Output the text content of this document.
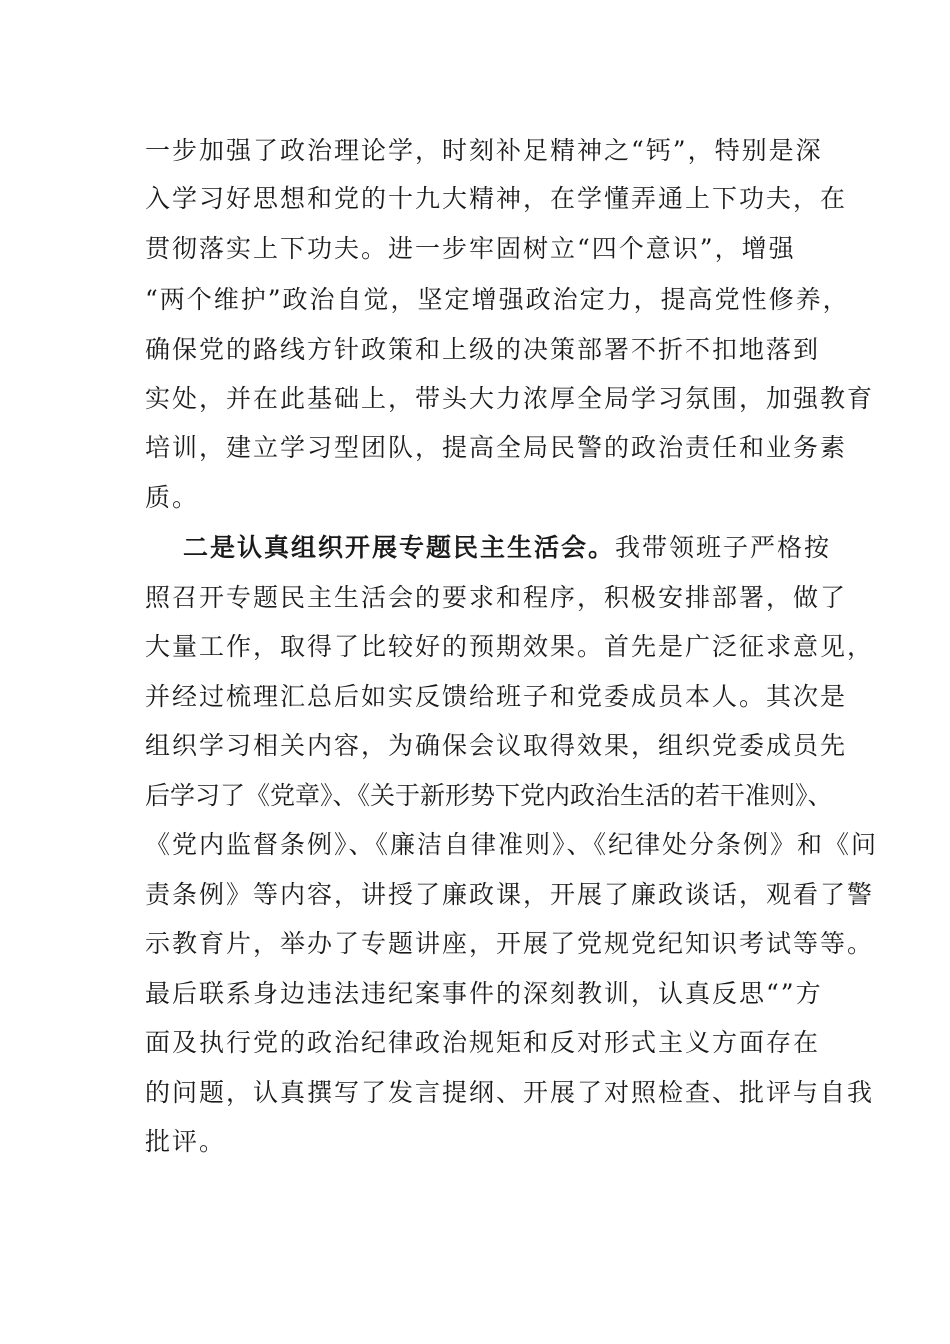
一步加强了政治理论学，时刻补足精神之“钙”，特别是深
入学习好思想和党的十九大精神，在学懂弄通上下功夫，在
贯彻落实上下功夫。进一步牢固树立“四个意识”，增强
“两个维护”政治自觉，坚定增强政治定力，提高党性修养，
确保党的路线方针政策和上级的决策部署不折不扣地落到
实处，并在此基础上，带头大力浓厚全局学习氛围，加强教育
培训，建立学习型团队，提高全局民警的政治责任和业务素
质。
二是认真组织开展专题民主生活会。我带领班子严格按
照召开专题民主生活会的要求和程序，积极安排部署，做了
大量工作，取得了比较好的预期效果。首先是广泛征求意见，
并经过梳理汇总后如实反馈给班子和党委成员本人。其次是
组织学习相关内容，为确保会议取得效果，组织党委成员先
后学习了《党章》、《关于新形势下党内政治生活的若干准则》、
《党内监督条例》、《廉洁自律准则》、《纪律处分条例》和《问
责条例》等内容，讲授了廉政课，开展了廉政谈话，观看了警
示教育片，举办了专题讲座，开展了党规党纪知识考试等等。
最后联系身边违法违纪案事件的深刻教训，认真反思“”方
面及执行党的政治纪律政治规矩和反对形式主义方面存在
的问题，认真撰写了发言提纲、开展了对照检查、批评与自我
批评。
